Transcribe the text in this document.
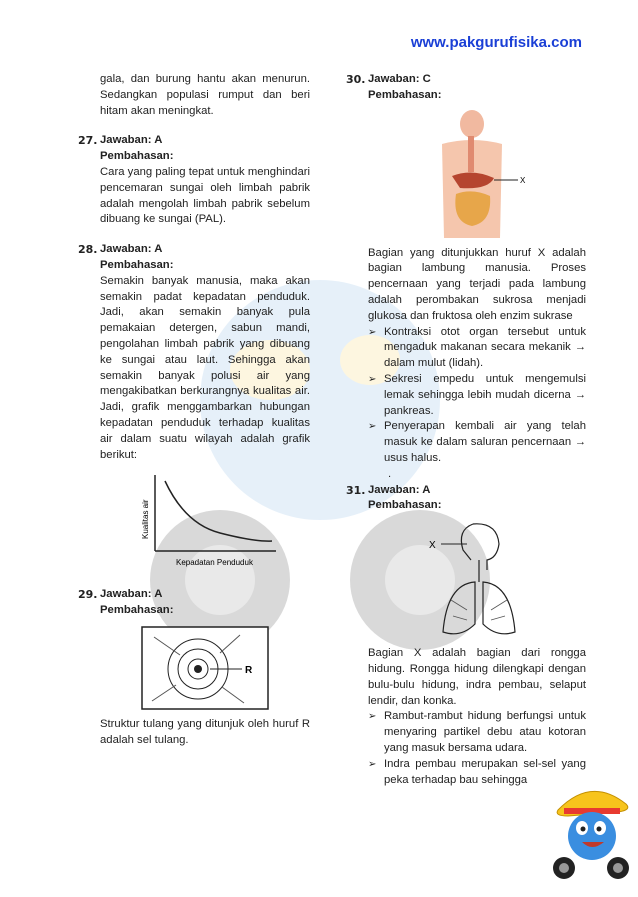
www.pakgurufisika.com

gala, dan burung hantu akan menurun. Sedangkan populasi rumput dan beri hitam akan meningkat.

27. Jawaban: A
Pembahasan:
Cara yang paling tepat untuk menghindari pencemaran sungai oleh limbah pabrik adalah mengolah limbah pabrik sebelum dibuang ke sungai (PAL).
28. Jawaban: A
Pembahasan:
Semakin banyak manusia, maka akan semakin padat kepadatan penduduk. Jadi, akan semakin banyak pula pemakaian detergen, sabun mandi, pengolahan limbah pabrik yang dibuang ke sungai atau laut. Sehingga akan semakin banyak polusi air yang mengakibatkan berkurangnya kualitas air. Jadi, grafik menggambarkan hubungan kepadatan penduduk terhadap kualitas air dalam suatu wilayah adalah grafik berikut:
Kualitas air
Kepadatan Penduduk
29. Jawaban: A
Pembahasan:
R
Struktur tulang yang ditunjuk oleh huruf R adalah sel tulang.
30. Jawaban: C
Pembahasan:
X
Bagian yang ditunjukkan huruf X adalah bagian lambung manusia. Proses pencernaan yang terjadi pada lambung adalah perombakan sukrosa menjadi glukosa dan fruktosa oleh enzim sukrase
➢ Kontraksi otot organ tersebut untuk mengaduk makanan secara mekanik → dalam mulut (lidah).
➢ Sekresi empedu untuk mengemulsi lemak sehingga lebih mudah dicerna → pankreas.
➢ Penyerapan kembali air yang telah masuk ke dalam saluran pencernaan → usus halus.
.
31. Jawaban: A
Pembahasan:
X
Bagian X adalah bagian dari rongga hidung. Rongga hidung dilengkapi dengan bulu-bulu hidung, indra pembau, selaput lendir, dan konka.
➢ Rambut-rambut hidung berfungsi untuk menyaring partikel debu atau kotoran yang masuk bersama udara.
➢ Indra pembau merupakan sel-sel yang peka terhadap bau sehingga
